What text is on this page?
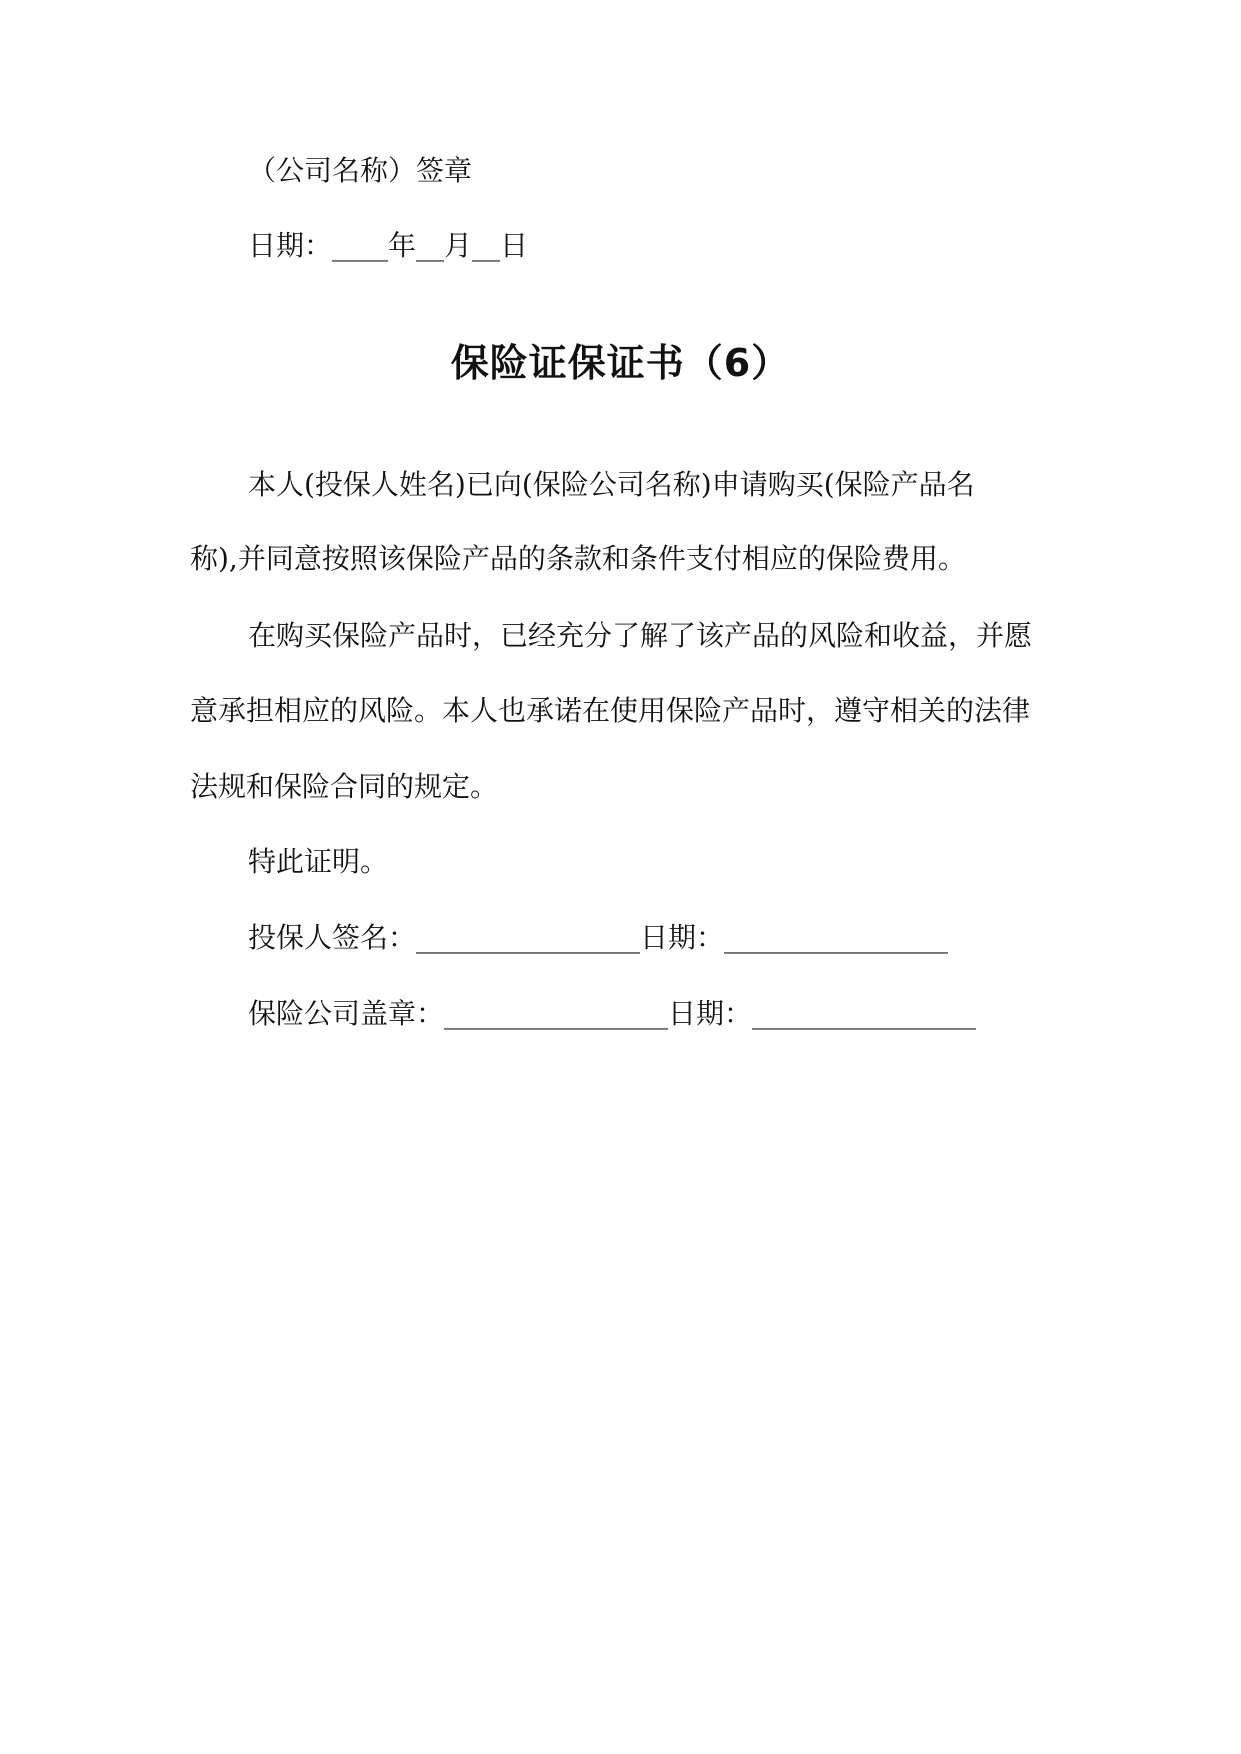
（公司名称）签章
日期：____年__月__日
保险证保证书（6）
本人(投保人姓名)已向(保险公司名称)申请购买(保险产品名
称),并同意按照该保险产品的条款和条件支付相应的保险费用。
在购买保险产品时，已经充分了解了该产品的风险和收益，并愿
意承担相应的风险。本人也承诺在使用保险产品时，遵守相关的法律
法规和保险合同的规定。
特此证明。
投保人签名：________________日期：________________
保险公司盖章：________________日期：________________
